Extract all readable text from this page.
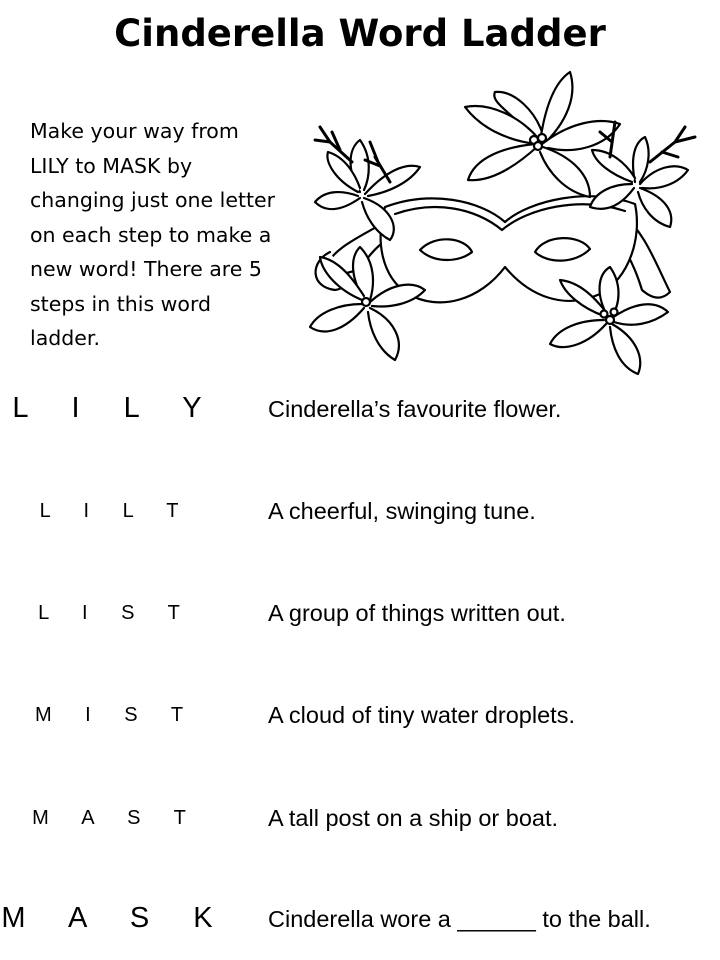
Cinderella Word Ladder
Make your way from
LILY to MASK by
changing just one letter
on each step to make a
new word! There are 5
steps in this word
ladder.
L I L Y	Cinderella’s favourite flower.
L I L T	A cheerful, swinging tune.
L I S T	A group of things written out.
M I S T	A cloud of tiny water droplets.
M A S T	A tall post on a ship or boat.
M A S K Cinderella wore a ______ to the ball.
